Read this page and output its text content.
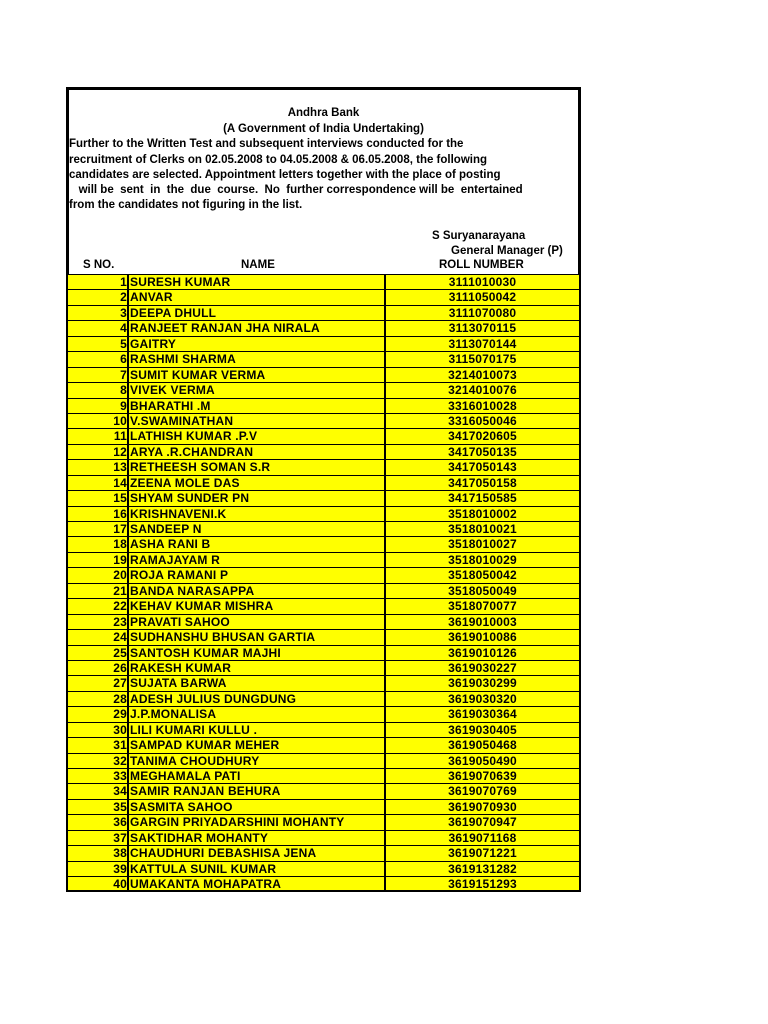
Andhra Bank
(A Government of India Undertaking)
Further to the Written Test and subsequent interviews conducted for the
recruitment of Clerks on 02.05.2008 to 04.05.2008 & 06.05.2008, the following
candidates are selected. Appointment letters together with the place of posting
will be  sent  in  the  due  course.  No  further correspondence will be  entertained
from the candidates not figuring in the list.
S Suryanarayana
General Manager (P)
S NO.	NAME	ROLL NUMBER
1 SURESH KUMAR	3111010030
2 ANVAR	3111050042
3 DEEPA DHULL	3111070080
4 RANJEET RANJAN JHA NIRALA	3113070115
5 GAITRY	3113070144
6 RASHMI SHARMA	3115070175
7 SUMIT KUMAR VERMA	3214010073
8 VIVEK VERMA	3214010076
9 BHARATHI .M	3316010028
10 V.SWAMINATHAN	3316050046
11 LATHISH KUMAR .P.V	3417020605
12 ARYA .R.CHANDRAN	3417050135
13 RETHEESH SOMAN S.R	3417050143
14 ZEENA MOLE DAS	3417050158
15 SHYAM SUNDER PN	3417150585
16 KRISHNAVENI.K	3518010002
17 SANDEEP N	3518010021
18 ASHA RANI B	3518010027
19 RAMAJAYAM R	3518010029
20 ROJA RAMANI P	3518050042
21 BANDA NARASAPPA	3518050049
22 KEHAV KUMAR MISHRA	3518070077
23 PRAVATI SAHOO	3619010003
24 SUDHANSHU BHUSAN GARTIA	3619010086
25 SANTOSH KUMAR MAJHI	3619010126
26 RAKESH KUMAR	3619030227
27 SUJATA BARWA	3619030299
28 ADESH JULIUS DUNGDUNG	3619030320
29 J.P.MONALISA	3619030364
30 LILI KUMARI KULLU .	3619030405
31 SAMPAD KUMAR MEHER	3619050468
32 TANIMA CHOUDHURY	3619050490
33 MEGHAMALA PATI	3619070639
34 SAMIR RANJAN BEHURA	3619070769
35 SASMITA SAHOO	3619070930
36 GARGIN PRIYADARSHINI MOHANTY	3619070947
37 SAKTIDHAR MOHANTY	3619071168
38 CHAUDHURI DEBASHISA JENA	3619071221
39 KATTULA SUNIL KUMAR	3619131282
40 UMAKANTA MOHAPATRA	3619151293
